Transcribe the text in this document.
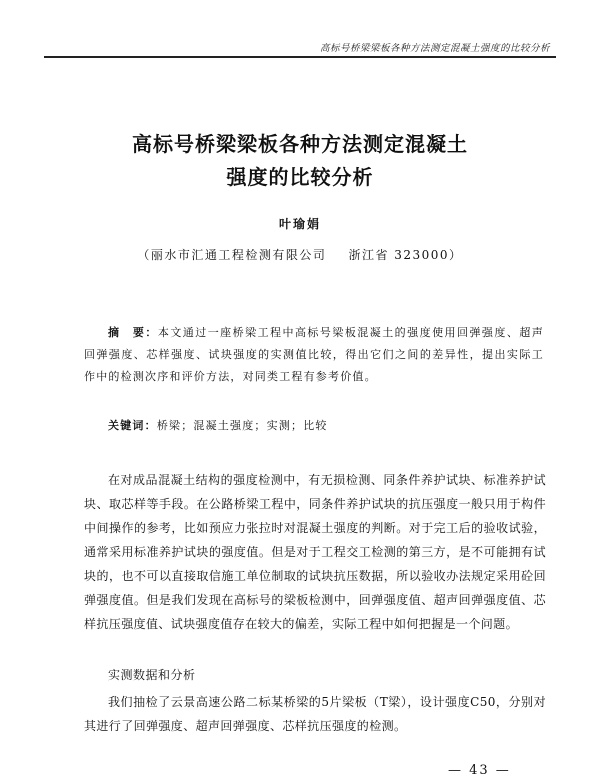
高标号桥梁梁板各种方法测定混凝土强度的比较分析
高标号桥梁梁板各种方法测定混凝土
强度的比较分析
叶瑜娟
（丽水市汇通工程检测有限公司 浙江省 323000）
摘　要：本文通过一座桥梁工程中高标号梁板混凝土的强度使用回弹强度、超声回弹强度、芯样强度、试块强度的实测值比较，得出它们之间的差异性，提出实际工作中的检测次序和评价方法，对同类工程有参考价值。
关键词：桥梁；混凝土强度；实测；比较
在对成品混凝土结构的强度检测中，有无损检测、同条件养护试块、标准养护试块、取芯样等手段。在公路桥梁工程中，同条件养护试块的抗压强度一般只用于构件中间操作的参考，比如预应力张拉时对混凝土强度的判断。对于完工后的验收试验，通常采用标准养护试块的强度值。但是对于工程交工检测的第三方，是不可能拥有试块的，也不可以直接取信施工单位制取的试块抗压数据，所以验收办法规定采用砼回弹强度值。但是我们发现在高标号的梁板检测中，回弹强度值、超声回弹强度值、芯样抗压强度值、试块强度值存在较大的偏差，实际工程中如何把握是一个问题。
实测数据和分析
我们抽检了云景高速公路二标某桥梁的5片梁板（T梁），设计强度C50，分别对其进行了回弹强度、超声回弹强度、芯样抗压强度的检测。
— 43 —
